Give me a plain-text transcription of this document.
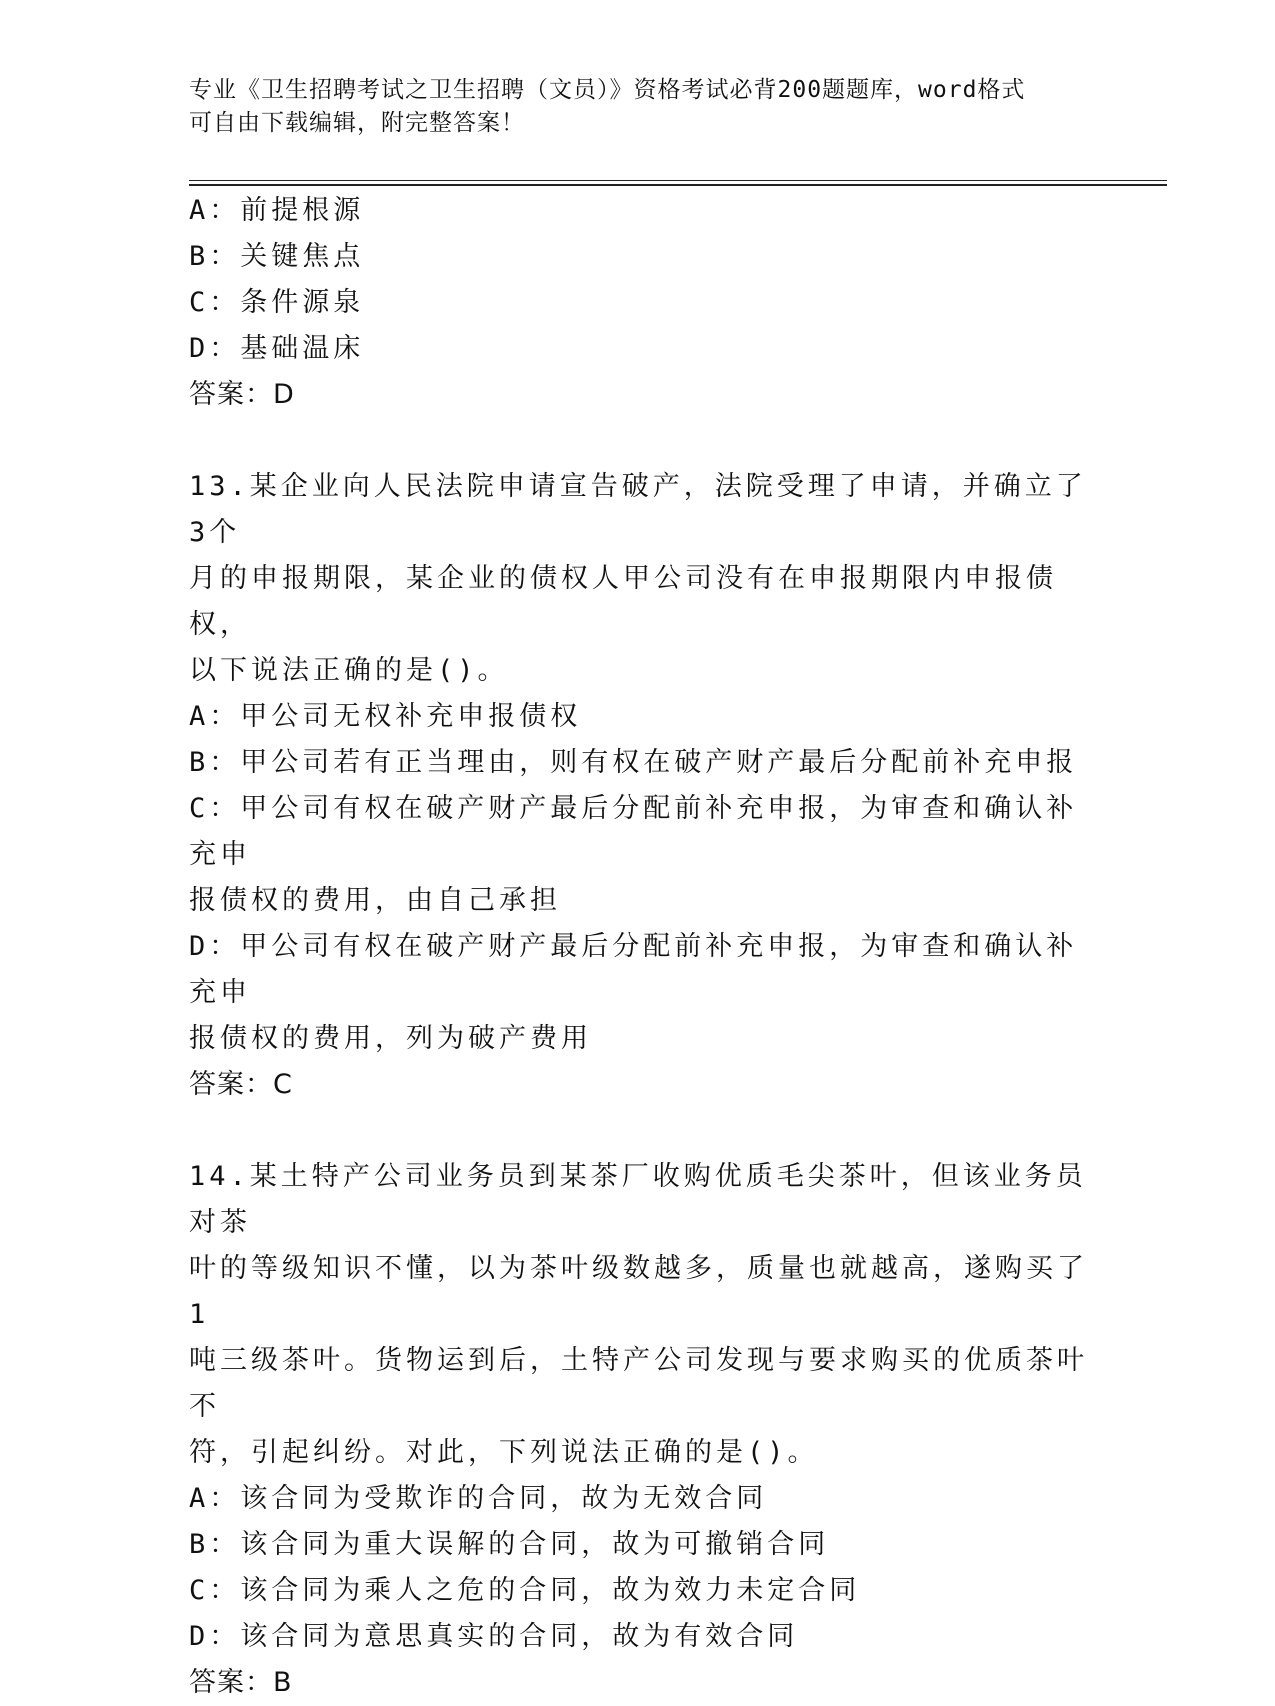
专业《卫生招聘考试之卫生招聘（文员）》资格考试必背200题题库，word格式
可自由下载编辑，附完整答案！
A：前提根源
B：关键焦点
C：条件源泉
D：基础温床
答案：D
13.某企业向人民法院申请宣告破产，法院受理了申请，并确立了3个
月的申报期限，某企业的债权人甲公司没有在申报期限内申报债权，
以下说法正确的是()。
A：甲公司无权补充申报债权
B：甲公司若有正当理由，则有权在破产财产最后分配前补充申报
C：甲公司有权在破产财产最后分配前补充申报，为审查和确认补充申
报债权的费用，由自己承担
D：甲公司有权在破产财产最后分配前补充申报，为审查和确认补充申
报债权的费用，列为破产费用
答案：C
14.某土特产公司业务员到某茶厂收购优质毛尖茶叶，但该业务员对茶
叶的等级知识不懂，以为茶叶级数越多，质量也就越高，遂购买了1
吨三级茶叶。货物运到后，土特产公司发现与要求购买的优质茶叶不
符，引起纠纷。对此，下列说法正确的是()。
A：该合同为受欺诈的合同，故为无效合同
B：该合同为重大误解的合同，故为可撤销合同
C：该合同为乘人之危的合同，故为效力未定合同
D：该合同为意思真实的合同，故为有效合同
答案：B
